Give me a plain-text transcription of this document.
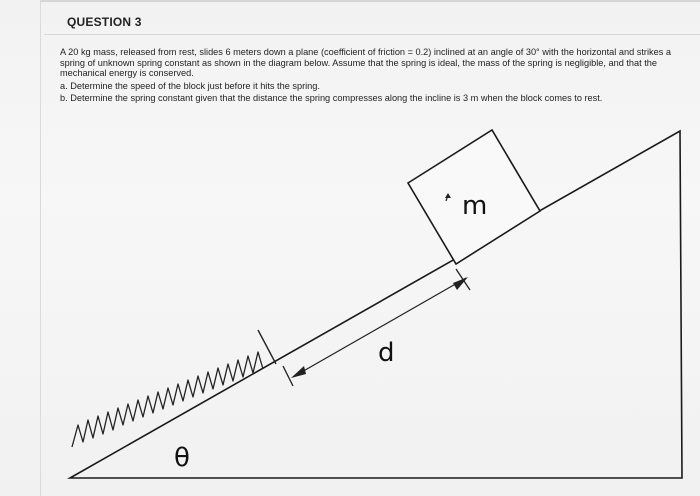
QUESTION 3

A 20 kg mass, released from rest, slides 6 meters down a plane (coefficient of friction = 0.2) inclined at an angle of 30° with the horizontal and strikes a spring of unknown spring constant as shown in the diagram below. Assume that the spring is ideal, the mass of the spring is negligible, and that the mechanical energy is conserved.

a. Determine the speed of the block just before it hits the spring.

b. Determine the spring constant given that the distance the spring compresses along the incline is 3 m when the block comes to rest.

m
d
θ
